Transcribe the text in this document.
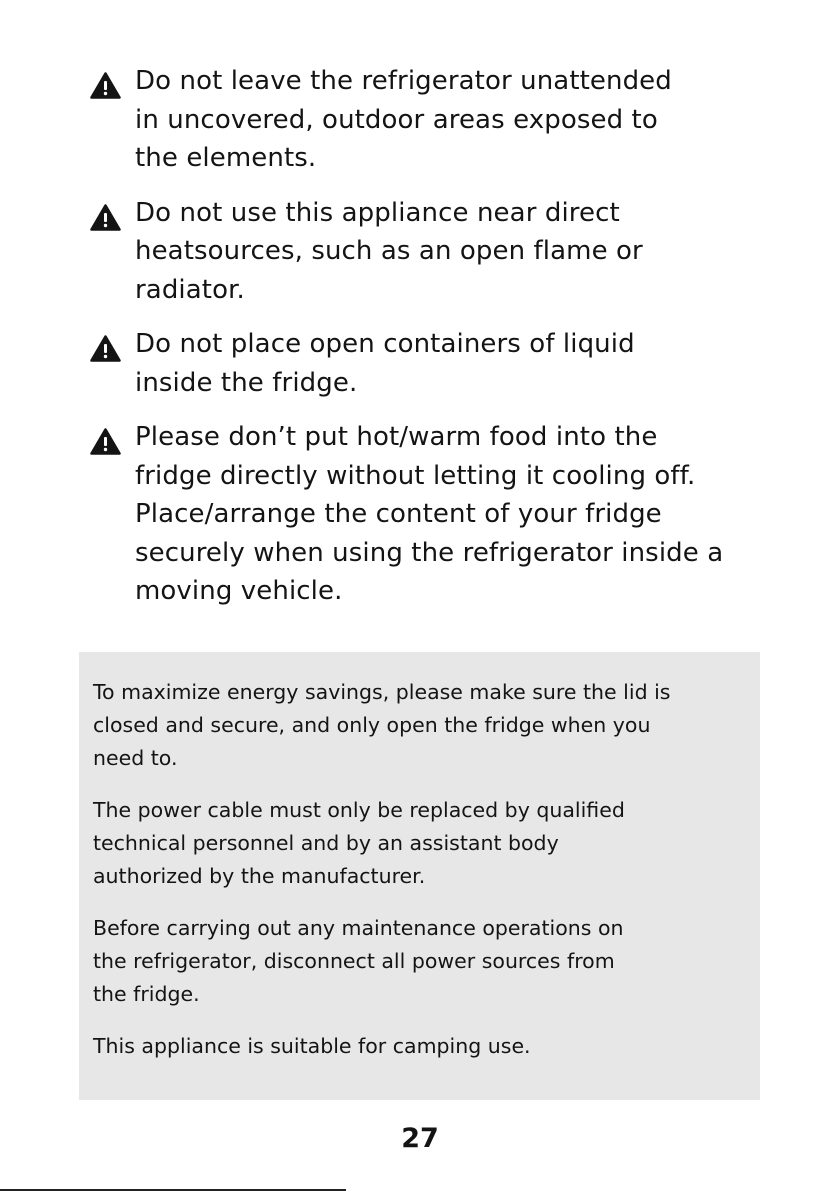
Do not leave the refrigerator unattended
in uncovered, outdoor areas exposed to
the elements.
Do not use this appliance near direct
heatsources, such as an open flame or
radiator.
Do not place open containers of liquid
inside the fridge.
Please don’t put hot/warm food into the
fridge directly without letting it cooling off.
Place/arrange the content of your fridge
securely when using the refrigerator inside a
moving vehicle.

To maximize energy savings, please make sure the lid is
closed and secure, and only open the fridge when you
need to.

The power cable must only be replaced by qualified
technical personnel and by an assistant body
authorized by the manufacturer.

Before carrying out any maintenance operations on
the refrigerator, disconnect all power sources from
the fridge.

This appliance is suitable for camping use.

27
